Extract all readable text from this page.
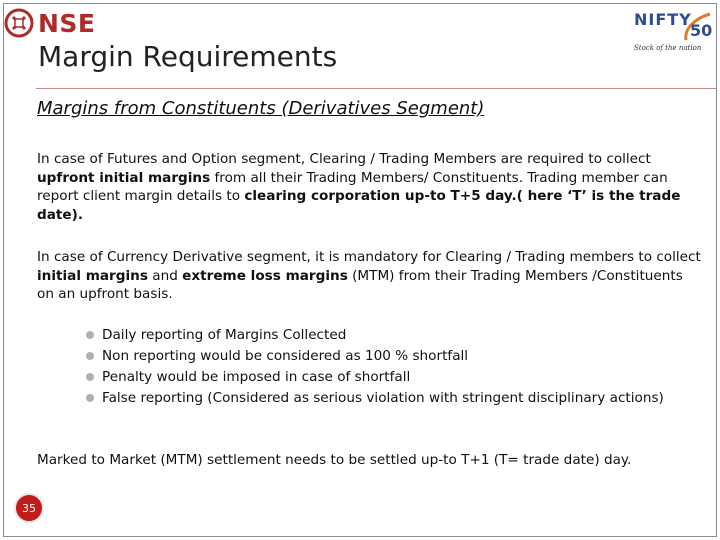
NSE	NIFTY
50
Stock of the nation
Margin Requirements
Margins from Constituents (Derivatives Segment)

In case of Futures and Option segment, Clearing / Trading Members are required to collect upfront initial margins from all their Trading Members/ Constituents. Trading member can report client margin details to clearing corporation up-to T+5 day.( here ‘T’ is the trade date).

In case of Currency Derivative segment, it is mandatory for Clearing / Trading members to collect initial margins and extreme loss margins (MTM) from their Trading Members /Constituents on an upfront basis.

Daily reporting of Margins Collected
Non reporting would be considered as 100 % shortfall
Penalty would be imposed in case of shortfall
False reporting (Considered as serious violation with stringent disciplinary actions)

Marked to Market (MTM) settlement needs to be settled up-to T+1 (T= trade date) day.

35
